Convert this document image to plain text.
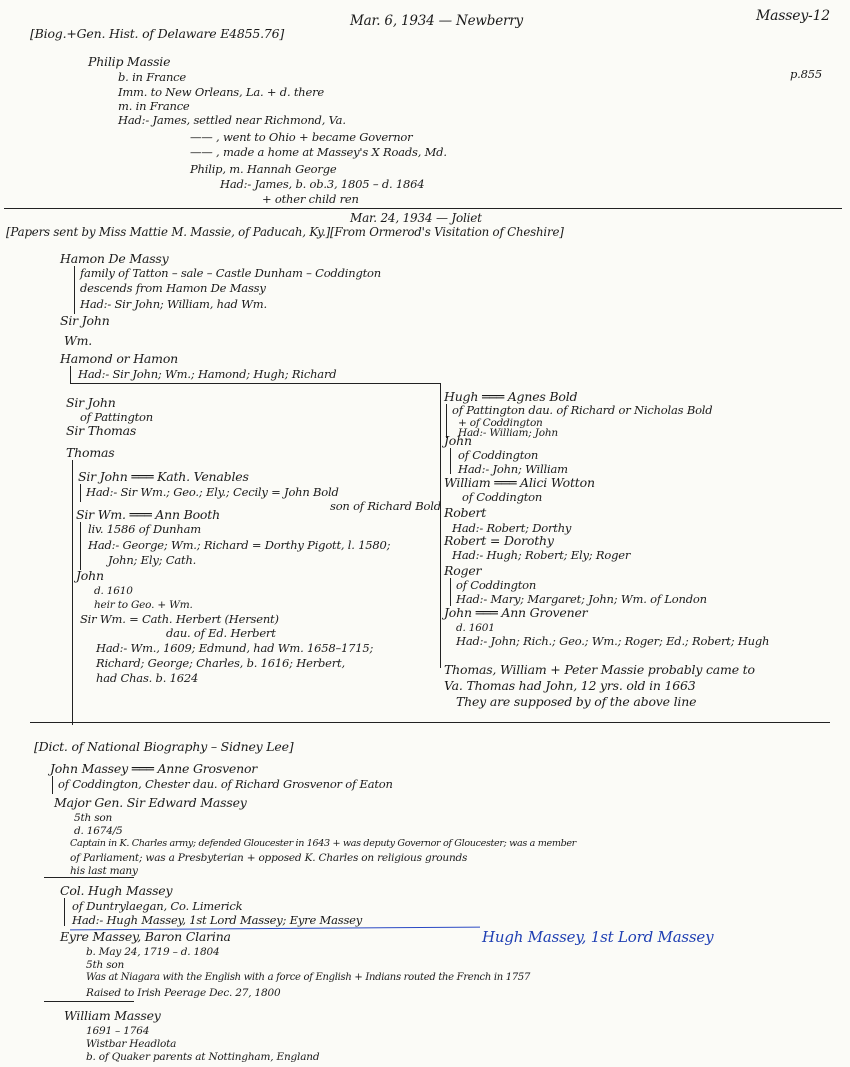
Massey-12
p.855
[Biog.+Gen. Hist. of Delaware E4855.76]
Mar. 6, 1934 — Newberry
Philip Massie
b. in France
Imm. to New Orleans, La. + d. there
m. in France
Had:- James, settled near Richmond, Va.
—— , went to Ohio + became Governor
—— , made a home at Massey's X Roads, Md.
Philip, m. Hannah George
Had:- James, b. ob.3, 1805 – d. 1864
+ other child ren
Mar. 24, 1934 — Joliet
[Papers sent by Miss Mattie M. Massie, of Paducah, Ky.][From Ormerod's Visitation of Cheshire]
Hamon De Massy
family of Tatton – sale – Castle Dunham – Coddington
descends from Hamon De Massy
Had:- Sir John; William, had Wm.
Sir John
Wm.
Hamond or Hamon
Had:- Sir John; Wm.; Hamond; Hugh; Richard
Sir John
of Pattington
Sir Thomas
Thomas
Sir John ═══ Kath. Venables
Had:- Sir Wm.; Geo.; Ely.; Cecily = John Bold
son of Richard Bold
Sir Wm. ═══ Ann Booth
liv. 1586 of Dunham
Had:- George; Wm.; Richard = Dorthy Pigott, l. 1580;
John; Ely; Cath.
John
d. 1610
heir to Geo. + Wm.
Sir Wm. = Cath. Herbert (Hersent)
dau. of Ed. Herbert
Had:- Wm., 1609; Edmund, had Wm. 1658–1715;
Richard; George; Charles, b. 1616; Herbert,
had Chas. b. 1624
Hugh ═══ Agnes Bold
of Pattington dau. of Richard or Nicholas Bold
+ of Coddington
Had:- William; John
John
of Coddington
Had:- John; William
William ═══ Alici Wotton
of Coddington
Robert
Had:- Robert; Dorthy
Robert = Dorothy
Had:- Hugh; Robert; Ely; Roger
Roger
of Coddington
Had:- Mary; Margaret; John; Wm. of London
John ═══ Ann Grovener
d. 1601
Had:- John; Rich.; Geo.; Wm.; Roger; Ed.; Robert; Hugh
Thomas, William + Peter Massie probably came to
Va. Thomas had John, 12 yrs. old in 1663
They are supposed by of the above line
[Dict. of National Biography – Sidney Lee]
John Massey ═══ Anne Grosvenor
of Coddington, Chester dau. of Richard Grosvenor of Eaton
Major Gen. Sir Edward Massey
5th son
d. 1674/5
Captain in K. Charles army; defended Gloucester in 1643 + was deputy Governor of Gloucester; was a member
of Parliament; was a Presbyterian + opposed K. Charles on religious grounds
his last many
Col. Hugh Massey
of Duntrylaegan, Co. Limerick
Had:- Hugh Massey, 1st Lord Massey; Eyre Massey
Hugh Massey, 1st Lord Massey
Eyre Massey, Baron Clarina
b. May 24, 1719 – d. 1804
5th son
Was at Niagara with the English with a force of English + Indians routed the French in 1757
Raised to Irish Peerage Dec. 27, 1800
William Massey
1691 – 1764
Wistbar Headlota
b. of Quaker parents at Nottingham, England
